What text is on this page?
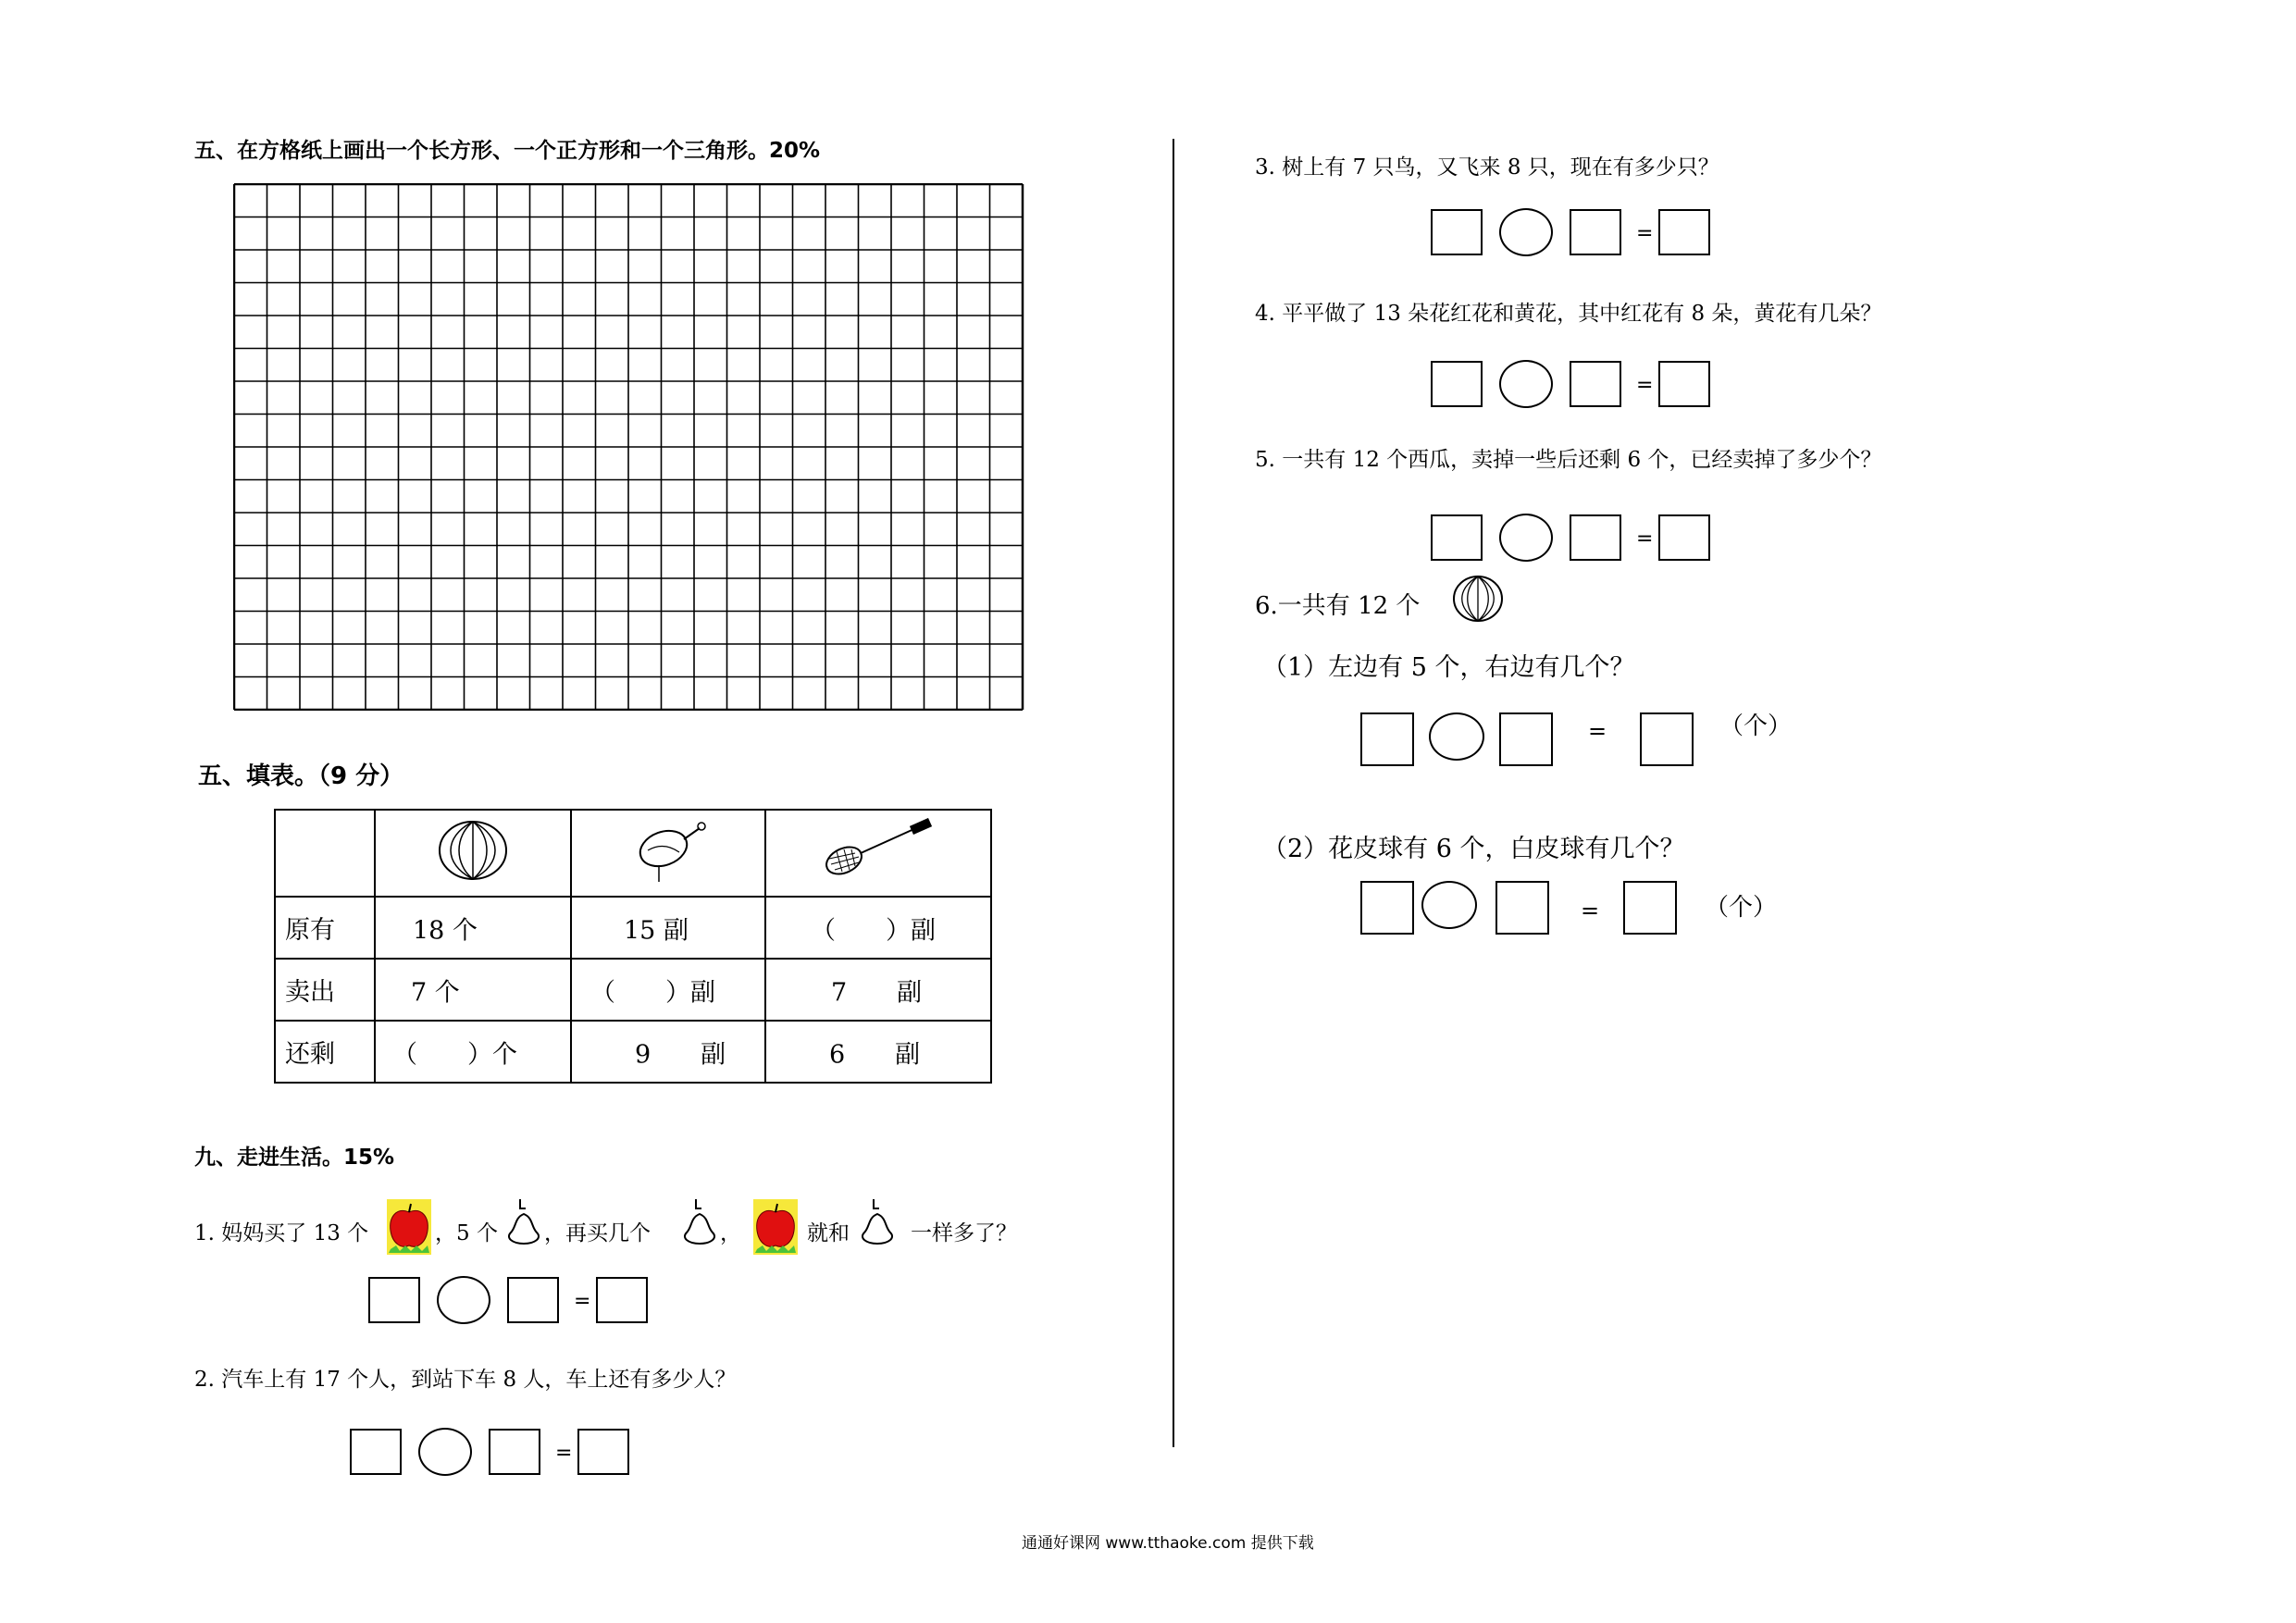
五、在方格纸上画出一个长方形、一个正方形和一个三角形。20%
五、填表。（9 分）

原有	18 个	15 副	（　　）副

卖出	7 个	（　　）副	7　　副

还剩	（　　）个	9　　副	6　　副
九、走进生活。15%
1. 妈妈买了 13 个	，5 个 ，再买几个	，	就和	一样多了？
=
2. 汽车上有 17 个人，到站下车 8 人，车上还有多少人？
=
3. 树上有 7 只鸟，又飞来 8 只，现在有多少只？
=
4. 平平做了 13 朵花红花和黄花，其中红花有 8 朵，黄花有几朵？
=
5. 一共有 12 个西瓜，卖掉一些后还剩 6 个，已经卖掉了多少个？
=
6.一共有 12 个
（1）左边有 5 个，右边有几个？
=	（个）
（2）花皮球有 6 个，白皮球有几个？
=	（个）
通通好课网 www.tthaoke.com 提供下载
